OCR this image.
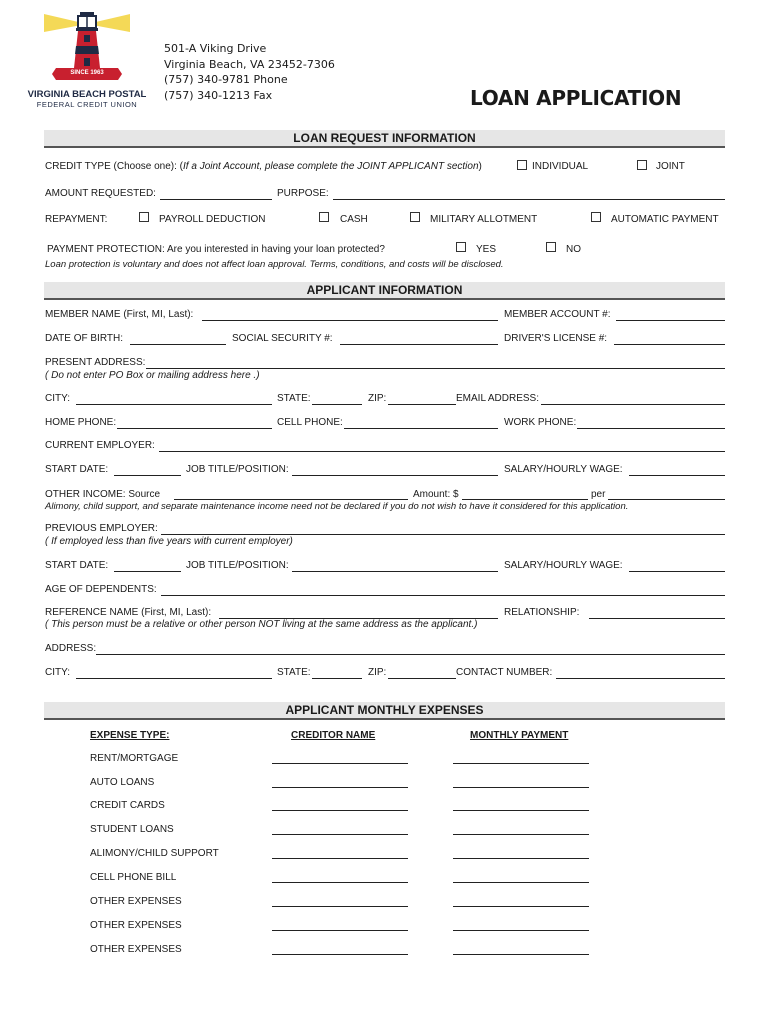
SINCE 1963
VIRGINIA BEACH POSTAL
FEDERAL CREDIT UNION
501-A Viking Drive
Virginia Beach, VA 23452-7306
(757) 340-9781 Phone
(757) 340-1213 Fax	LOAN APPLICATION
LOAN REQUEST INFORMATION
CREDIT TYPE (Choose one): (If a Joint Account, please complete the JOINT APPLICANT section)	INDIVIDUAL	JOINT
AMOUNT REQUESTED:	PURPOSE:
REPAYMENT:	PAYROLL DEDUCTION	CASH	MILITARY ALLOTMENT	AUTOMATIC PAYMENT
PAYMENT PROTECTION: Are you interested in having your loan protected?	YES	NO
Loan protection is voluntary and does not affect loan approval. Terms, conditions, and costs will be disclosed.
APPLICANT INFORMATION
MEMBER NAME (First, MI, Last):	MEMBER ACCOUNT #:
DATE OF BIRTH:	SOCIAL SECURITY #:	DRIVER'S LICENSE #:
PRESENT ADDRESS:
( Do not enter PO Box or mailing address here .)
CITY:	STATE:	ZIP:	EMAIL ADDRESS:
HOME PHONE:	CELL PHONE:	WORK PHONE:
CURRENT EMPLOYER:
START DATE:	JOB TITLE/POSITION:	SALARY/HOURLY WAGE:
OTHER INCOME: Source	Amount: $	per
Alimony, child support, and separate maintenance income need not be declared if you do not wish to have it considered for this application.
PREVIOUS EMPLOYER:
( If employed less than five years with current employer)
START DATE:	JOB TITLE/POSITION:	SALARY/HOURLY WAGE:
AGE OF DEPENDENTS:
REFERENCE NAME (First, MI, Last):	RELATIONSHIP:
( This person must be a relative or other person NOT living at the same address as the applicant.)
ADDRESS:
CITY:	STATE:	ZIP:	CONTACT NUMBER:
APPLICANT MONTHLY EXPENSES
EXPENSE TYPE:	CREDITOR NAME	MONTHLY PAYMENT
RENT/MORTGAGE
AUTO LOANS
CREDIT CARDS
STUDENT LOANS
ALIMONY/CHILD SUPPORT
CELL PHONE BILL
OTHER EXPENSES
OTHER EXPENSES
OTHER EXPENSES
